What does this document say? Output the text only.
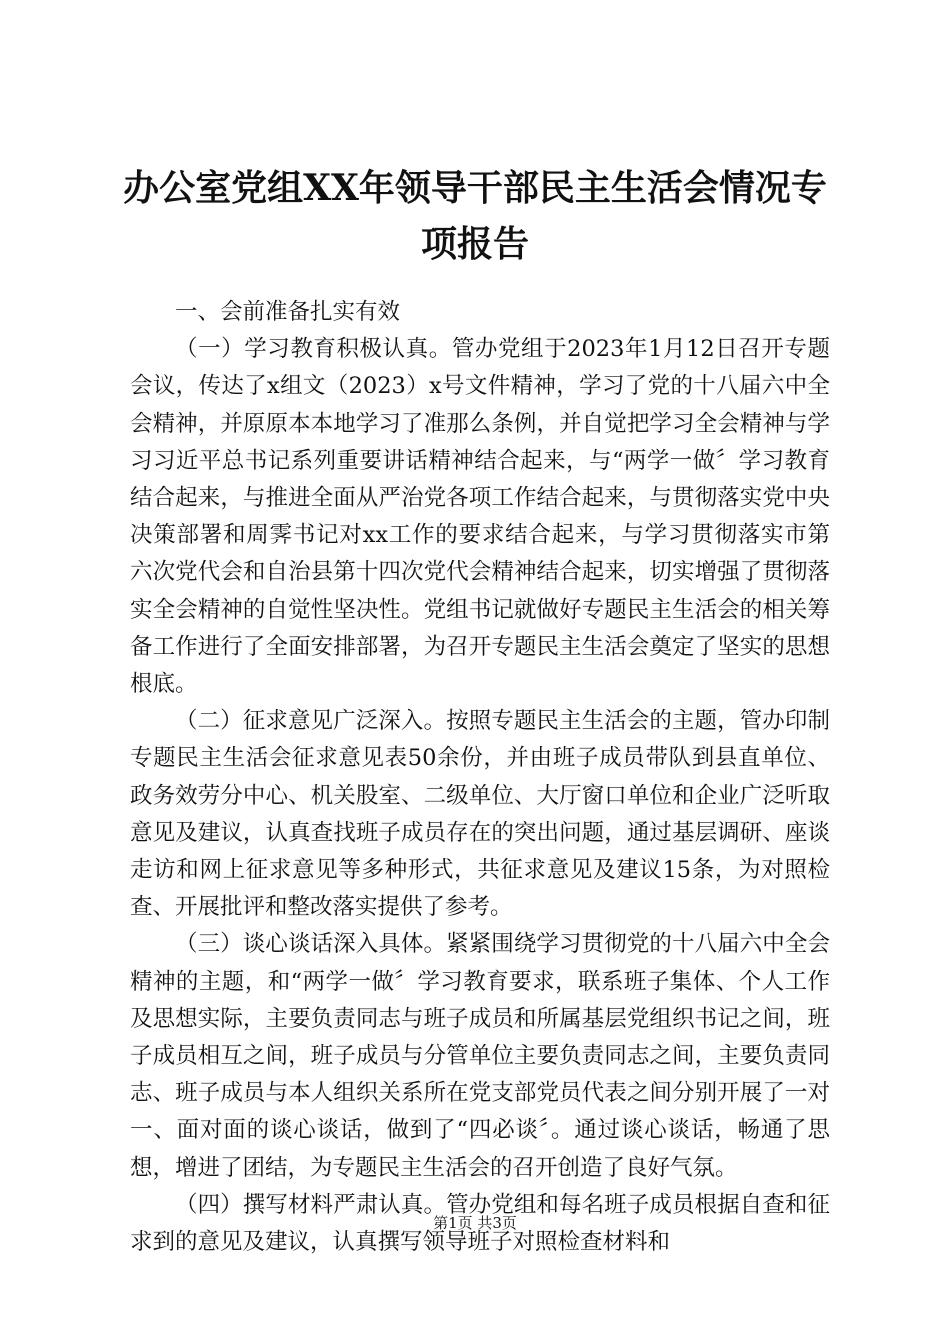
办公室党组XX年领导干部民主生活会情况专项报告

一、会前准备扎实有效

（一）学习教育积极认真。管办党组于2023年1月12日召开专题会议，传达了x组文（2023）x号文件精神，学习了党的十八届六中全会精神，并原原本本地学习了准那么条例，并自觉把学习全会精神与学习习近平总书记系列重要讲话精神结合起来，与“两学一做〞学习教育结合起来，与推进全面从严治党各项工作结合起来，与贯彻落实党中央决策部署和周霁书记对xx工作的要求结合起来，与学习贯彻落实市第六次党代会和自治县第十四次党代会精神结合起来，切实增强了贯彻落实全会精神的自觉性坚决性。党组书记就做好专题民主生活会的相关筹备工作进行了全面安排部署，为召开专题民主生活会奠定了坚实的思想根底。

（二）征求意见广泛深入。按照专题民主生活会的主题，管办印制专题民主生活会征求意见表50余份，并由班子成员带队到县直单位、政务效劳分中心、机关股室、二级单位、大厅窗口单位和企业广泛听取意见及建议，认真查找班子成员存在的突出问题，通过基层调研、座谈走访和网上征求意见等多种形式，共征求意见及建议15条，为对照检查、开展批评和整改落实提供了参考。

（三）谈心谈话深入具体。紧紧围绕学习贯彻党的十八届六中全会精神的主题，和“两学一做〞学习教育要求，联系班子集体、个人工作及思想实际，主要负责同志与班子成员和所属基层党组织书记之间，班子成员相互之间，班子成员与分管单位主要负责同志之间，主要负责同志、班子成员与本人组织关系所在党支部党员代表之间分别开展了一对一、面对面的谈心谈话，做到了“四必谈〞。通过谈心谈话，畅通了思想，增进了团结，为专题民主生活会的召开创造了良好气氛。

（四）撰写材料严肃认真。管办党组和每名班子成员根据自查和征求到的意见及建议，认真撰写领导班子对照检查材料和

第1页 共3页
